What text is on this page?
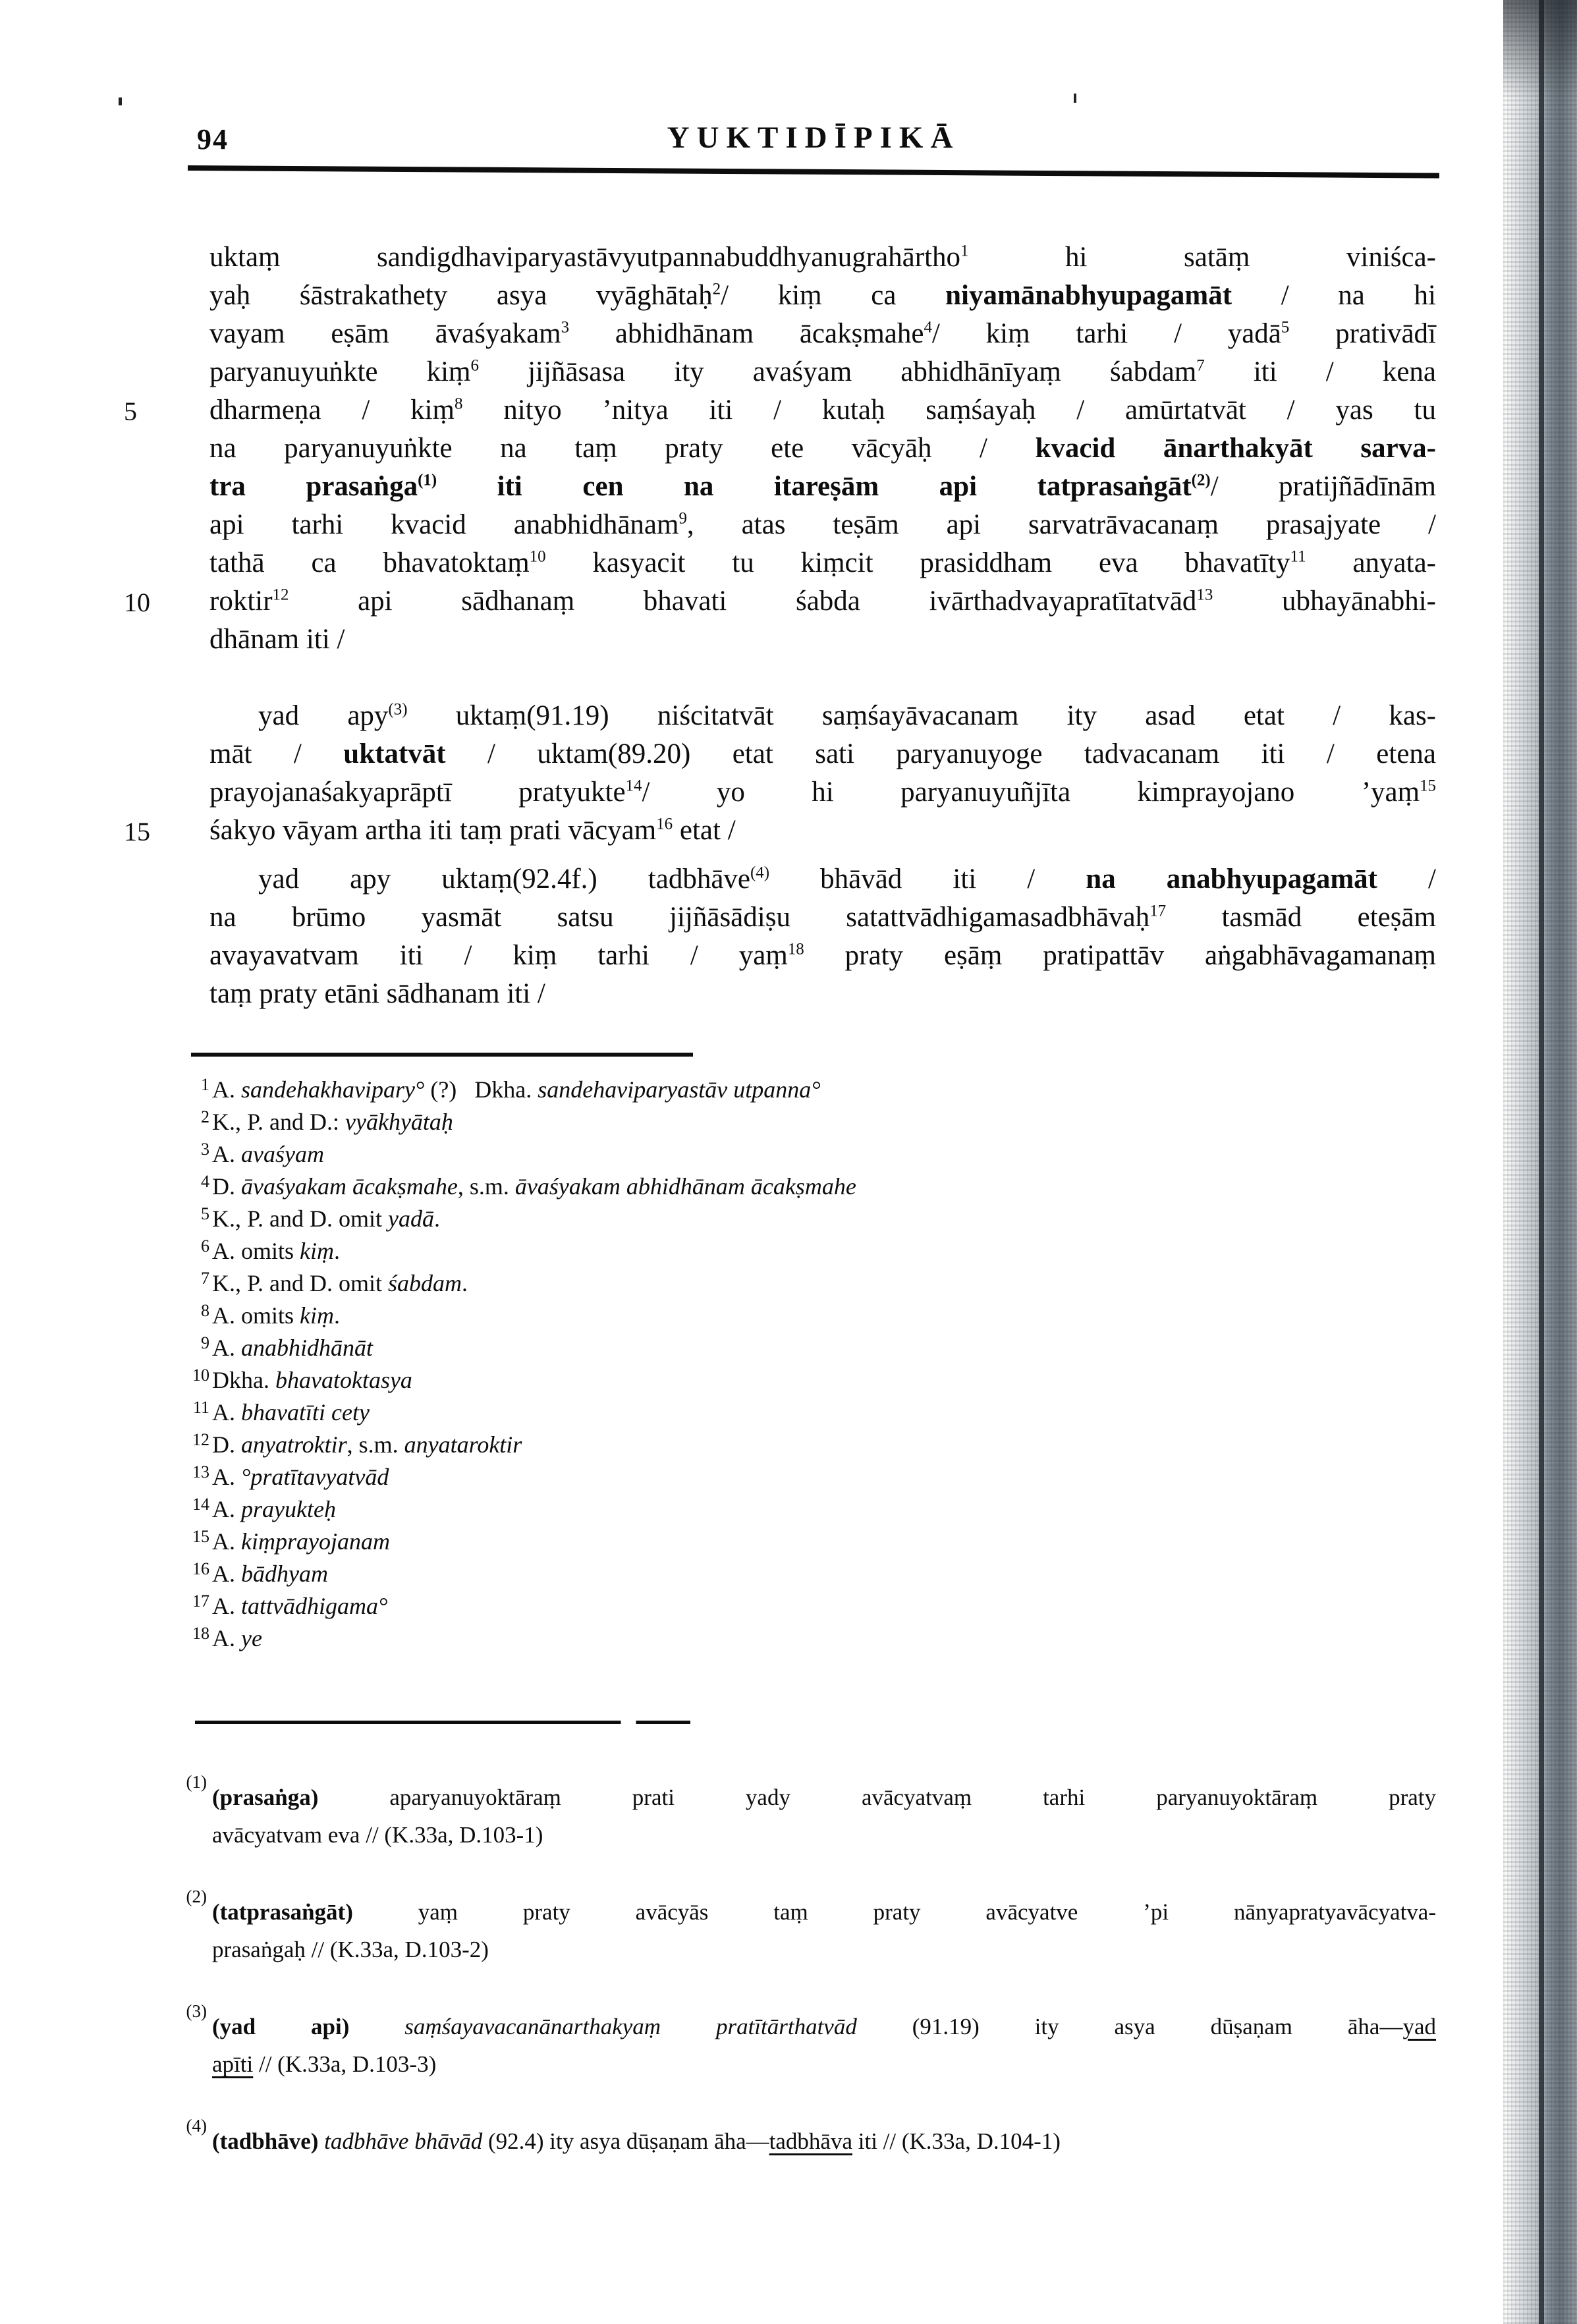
94	YUKTIDĪPIKĀ
uktaṃ sandigdhaviparyastāvyutpannabuddhyanugrahārtho$^1$ hi satāṃ viniśca-
yaḥ śāstrakathety asya vyāghātaḥ$^2$/ kiṃ ca niyamānabhyupagamāt / na hi
vayam eṣām āvaśyakam$^3$ abhidhānam ācakṣmahe$^4$/ kiṃ tarhi / yadā$^5$ prativādī
paryanuyuṅkte kiṃ$^6$ jijñāsasa ity avaśyam abhidhānīyaṃ śabdam$^7$ iti / kena
5	dharmeṇa / kiṃ$^8$ nityo ’nitya iti / kutaḥ saṃśayaḥ / amūrtatvāt / yas tu
na paryanuyuṅkte na taṃ praty ete vācyāḥ / kvacid ānarthakyāt sarva-
tra prasaṅga$^{(1)}$ iti cen na itareṣām api tatprasaṅgāt$^{(2)}$/ pratijñādīnām
api tarhi kvacid anabhidhānam$^9$, atas teṣām api sarvatrāvacanaṃ prasajyate /
tathā ca bhavatoktaṃ$^{10}$ kasyacit tu kiṃcit prasiddham eva bhavatīty$^{11}$ anyata-
10 roktir$^{12}$ api sādhanaṃ bhavati śabda ivārthadvayapratītatvād$^{13}$ ubhayānabhi-
dhānam iti /
yad apy$^{(3)}$ uktaṃ(91.19) niścitatvāt saṃśayāvacanam ity asad etat / kas-
māt / uktatvāt / uktam(89.20) etat sati paryanuyoge tadvacanam iti / etena
prayojanaśakyaprāptī pratyukte$^{14}$/ yo hi paryanuyuñjīta kimprayojano ’yaṃ$^{15}$
15 śakyo vāyam artha iti taṃ prati vācyam$^{16}$ etat /
yad apy uktaṃ(92.4f.) tadbhāve$^{(4)}$ bhāvād iti / na anabhyupagamāt /
na brūmo yasmāt satsu jijñāsādiṣu satattvādhigamasadbhāvaḥ$^{17}$ tasmād eteṣām
avayavatvam iti / kiṃ tarhi / yaṃ$^{18}$ praty eṣāṃ pratipattāv aṅgabhāvagamanaṃ
taṃ praty etāni sādhanam iti /
1 A. sandehakhavipary° (?)   Dkha. sandehaviparyastāv utpanna°
2 K., P. and D.: vyākhyātaḥ
3 A. avaśyam
4 D. āvaśyakam ācakṣmahe, s.m. āvaśyakam abhidhānam ācakṣmahe
5 K., P. and D. omit yadā.
6 A. omits kiṃ.
7 K., P. and D. omit śabdam.
8 A. omits kiṃ.
9 A. anabhidhānāt
10 Dkha. bhavatoktasya
11 A. bhavatīti cety
12 D. anyatroktir, s.m. anyataroktir
13 A. °pratītavyatvād
14 A. prayukteḥ
15 A. kiṃprayojanam
16 A. bādhyam
17 A. tattvādhigama°
18 A. ye
(1)
(prasaṅga) aparyanuyoktāraṃ prati yady avācyatvaṃ tarhi paryanuyoktāraṃ praty
avācyatvam eva // (K.33a, D.103-1)
(2)
(tatprasaṅgāt) yaṃ praty avācyās taṃ praty avācyatve ’pi nānyapratyavācyatva-
prasaṅgaḥ // (K.33a, D.103-2)
(3)
(yad api) saṃśayavacanānarthakyaṃ pratītārthatvād (91.19) ity asya dūṣaṇam āha—yad
apīti // (K.33a, D.103-3)
(4)
(tadbhāve) tadbhāve bhāvād (92.4) ity asya dūṣaṇam āha—tadbhāva iti // (K.33a, D.104-1)
